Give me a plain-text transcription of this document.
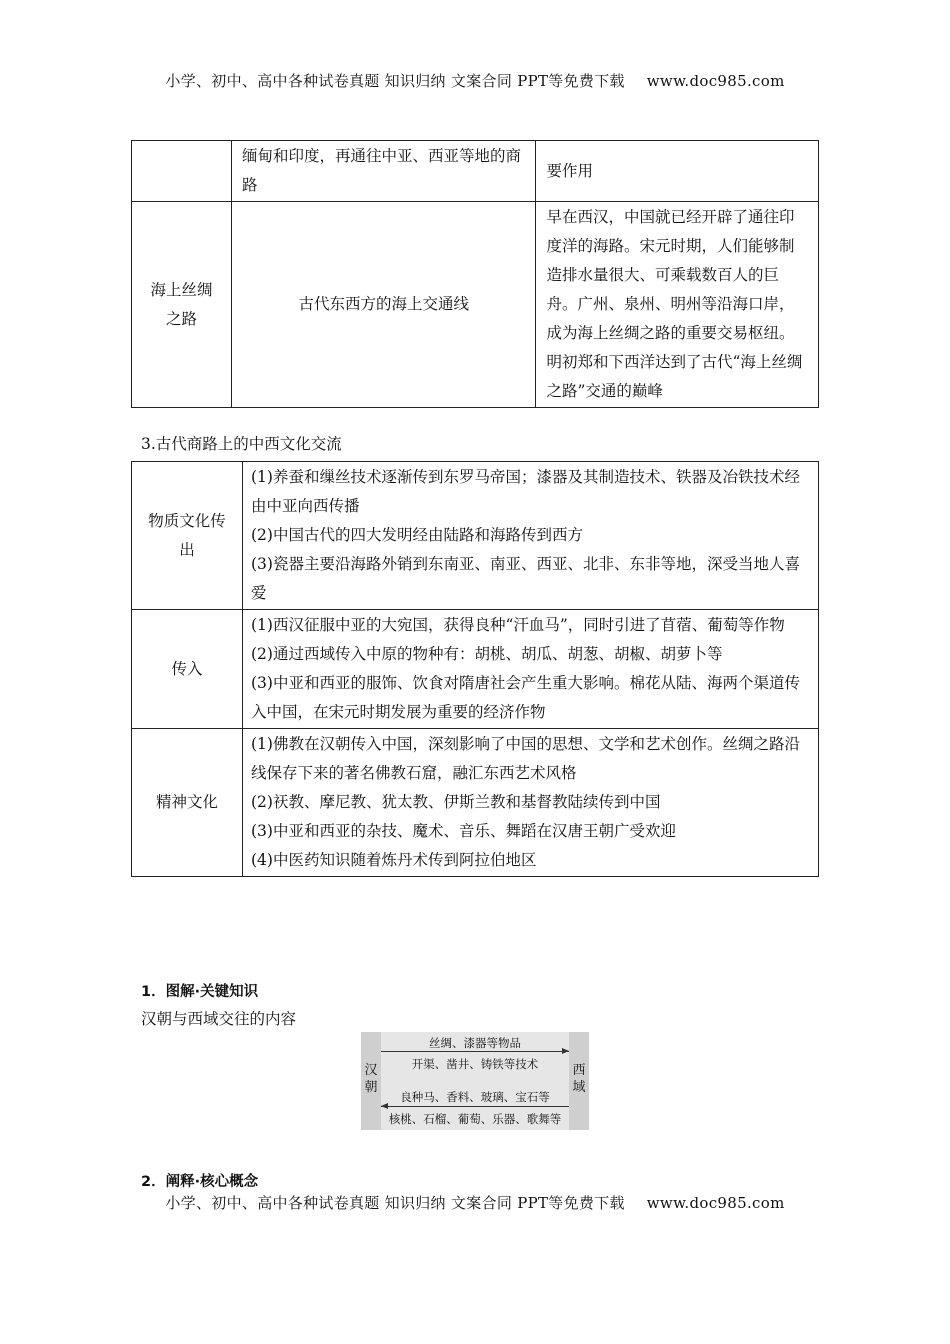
小学、初中、高中各种试卷真题 知识归纳 文案合同 PPT等免费下载 www.doc985.com
	缅甸和印度，再通往中亚、西亚等地的商路	要作用

海上丝绸之路	古代东西方的海上交通线	早在西汉，中国就已经开辟了通往印度洋的海路。宋元时期，人们能够制造排水量很大、可乘载数百人的巨舟。广州、泉州、明州等沿海口岸，成为海上丝绸之路的重要交易枢纽。明初郑和下西洋达到了古代“海上丝绸之路”交通的巅峰
3.古代商路上的中西文化交流
物质文化传出	(1)养蚕和缫丝技术逐渐传到东罗马帝国；漆器及其制造技术、铁器及冶铁技术经由中亚向西传播

(2)中国古代的四大发明经由陆路和海路传到西方

(3)瓷器主要沿海路外销到东南亚、南亚、西亚、北非、东非等地，深受当地人喜爱

传入	(1)西汉征服中亚的大宛国，获得良种“汗血马”，同时引进了苜蓿、葡萄等作物

(2)通过西域传入中原的物种有：胡桃、胡瓜、胡葱、胡椒、胡萝卜等

(3)中亚和西亚的服饰、饮食对隋唐社会产生重大影响。棉花从陆、海两个渠道传入中国，在宋元时期发展为重要的经济作物

精神文化	(1)佛教在汉朝传入中国，深刻影响了中国的思想、文学和艺术创作。丝绸之路沿线保存下来的著名佛教石窟，融汇东西艺术风格

(2)祆教、摩尼教、犹太教、伊斯兰教和基督教陆续传到中国

(3)中亚和西亚的杂技、魔术、音乐、舞蹈在汉唐王朝广受欢迎

(4)中医药知识随着炼丹术传到阿拉伯地区

1．图解·关键知识
汉朝与西域交往的内容
汉朝
西域
丝绸、漆器等物品
开渠、凿井、铸铁等技术
良种马、香料、玻璃、宝石等
核桃、石榴、葡萄、乐器、歌舞等
2．阐释·核心概念
小学、初中、高中各种试卷真题 知识归纳 文案合同 PPT等免费下载 www.doc985.com
